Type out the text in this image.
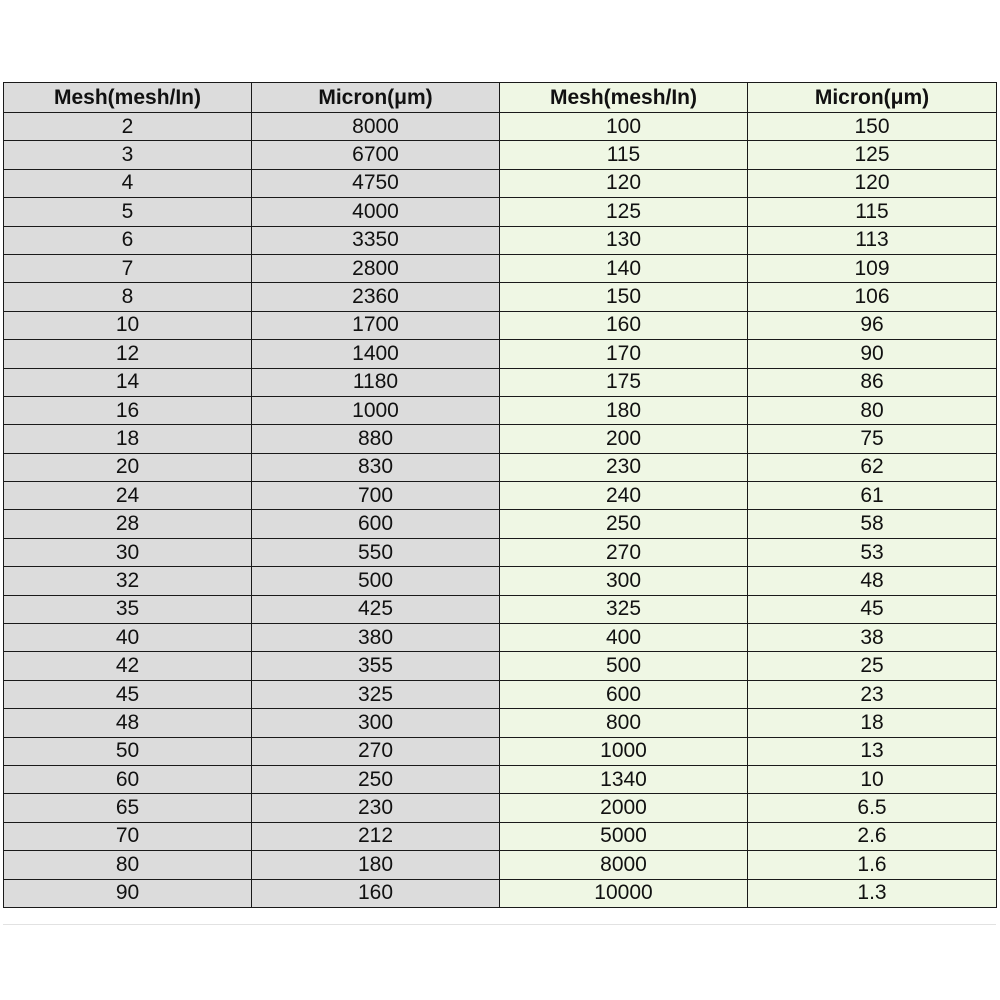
Mesh(mesh/In)	Micron(μm)	Mesh(mesh/In)	Micron(μm)
2	8000	100	150
3	6700	115	125
4	4750	120	120
5	4000	125	115
6	3350	130	113
7	2800	140	109
8	2360	150	106
10	1700	160	96
12	1400	170	90
14	1180	175	86
16	1000	180	80
18	880	200	75
20	830	230	62
24	700	240	61
28	600	250	58
30	550	270	53
32	500	300	48
35	425	325	45
40	380	400	38
42	355	500	25
45	325	600	23
48	300	800	18
50	270	1000	13
60	250	1340	10
65	230	2000	6.5
70	212	5000	2.6
80	180	8000	1.6
90	160	10000	1.3
